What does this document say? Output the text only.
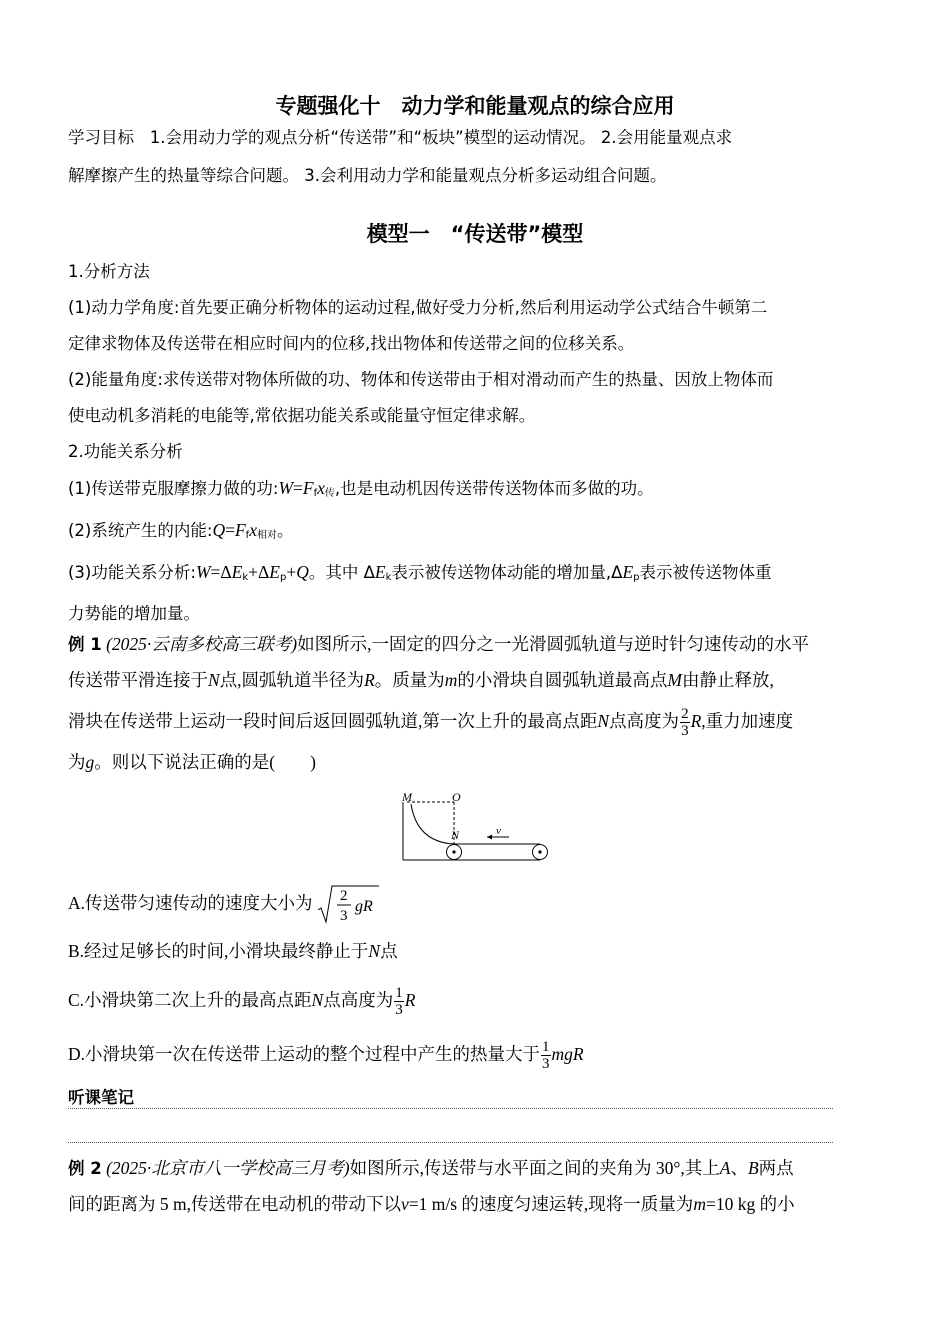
专题强化十　动力学和能量观点的综合应用
学习目标 1.会用动力学的观点分析“传送带”和“板块”模型的运动情况。 2.会用能量观点求
解摩擦产生的热量等综合问题。 3.会利用动力学和能量观点分析多运动组合问题。
模型一　“传送带”模型
1.分析方法
(1)动力学角度:首先要正确分析物体的运动过程,做好受力分析,然后利用运动学公式结合牛顿第二
定律求物体及传送带在相应时间内的位移,找出物体和传送带之间的位移关系。
(2)能量角度:求传送带对物体所做的功、物体和传送带由于相对滑动而产生的热量、因放上物体而
使电动机多消耗的电能等,常依据功能关系或能量守恒定律求解。
2.功能关系分析
(1)传送带克服摩擦力做的功$:W=F_fx_传$,也是电动机因传送带传送物体而多做的功。
(2)系统产生的内能$:Q=F_fx_{相对}$。
(3)功能关系分析$:W=\Delta E_k+\Delta E_p+Q$。其中 $\Delta E_k$表示被传送物体动能的增加量$,\Delta E_p$表示被传送物体重
力势能的增加量。
例 1 (2025·云南多校高三联考)如图所示,一固定的四分之一光滑圆弧轨道与逆时针匀速传动的水平
传送带平滑连接于N点,圆弧轨道半径为R。质量为m的小滑块自圆弧轨道最高点M由静止释放,
滑块在传送带上运动一段时间后返回圆弧轨道,第一次上升的最高点距N点高度为 $\frac{2}{3} R$,重力加速度
为g。则以下说法正确的是(　　)
M	O
N	v
A.传送带匀速传动的速度大小为 2
3
gR
B.经过足够长的时间,小滑块最终静止于N点
C.小滑块第二次上升的最高点距N点高度为 $\frac{1}{3}$ R
D.小滑块第一次在传送带上运动的整个过程中产生的热量大于 $\frac{1}{3}$ mgR
听课笔记
例 2 (2025·北京市八一学校高三月考)如图所示,传送带与水平面之间的夹角为 30°,其上A、B两点
间的距离为 5 m,传送带在电动机的带动下以v=1 m/s 的速度匀速运转,现将一质量为m=10 kg 的小
